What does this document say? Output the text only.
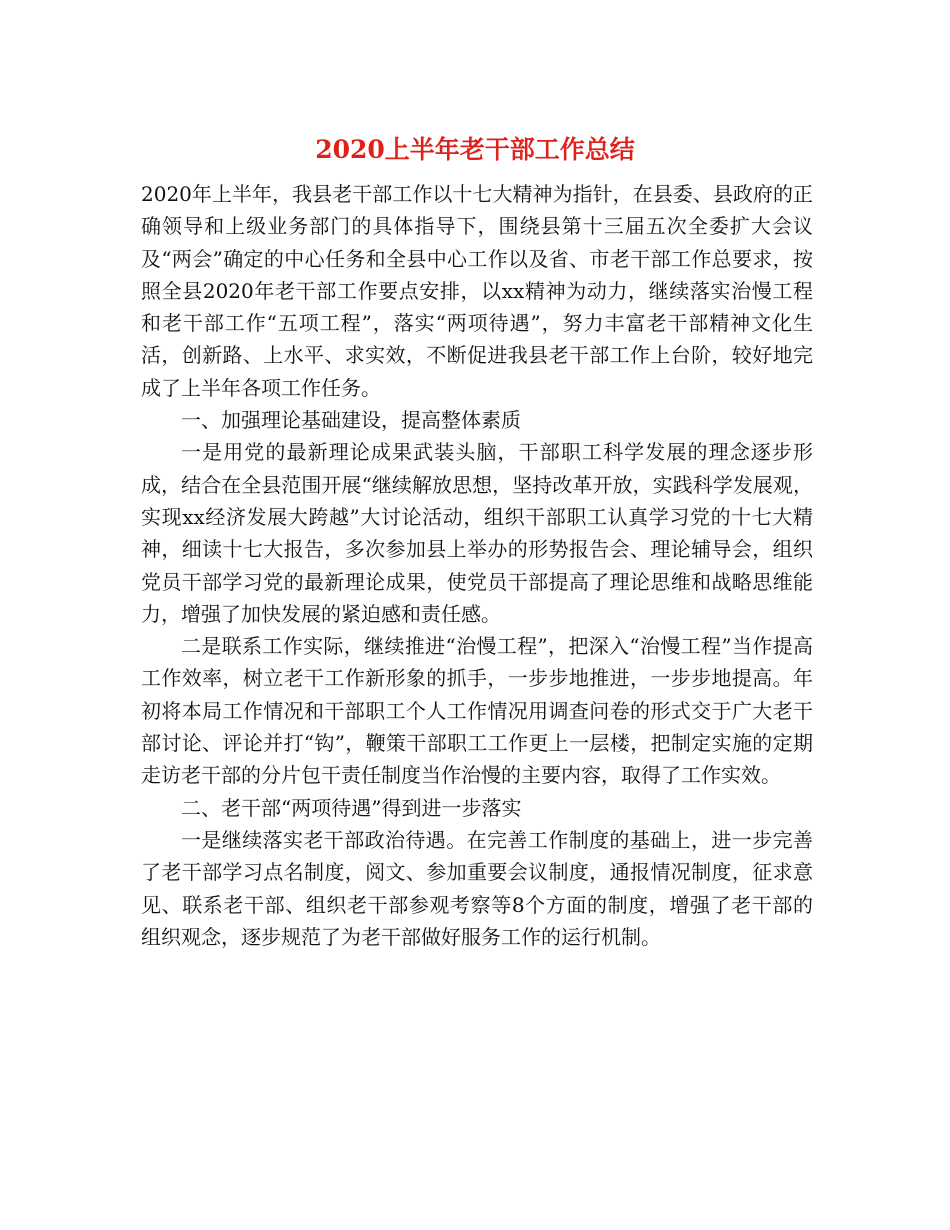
2020上半年老干部工作总结

2020年上半年，我县老干部工作以十七大精神为指针，在县委、县政府的正确领导和上级业务部门的具体指导下，围绕县第十三届五次全委扩大会议及“两会”确定的中心任务和全县中心工作以及省、市老干部工作总要求，按照全县2020年老干部工作要点安排，以xx精神为动力，继续落实治慢工程和老干部工作“五项工程”，落实“两项待遇”，努力丰富老干部精神文化生活，创新路、上水平、求实效，不断促进我县老干部工作上台阶，较好地完成了上半年各项工作任务。

一、加强理论基础建设，提高整体素质

一是用党的最新理论成果武装头脑，干部职工科学发展的理念逐步形成，结合在全县范围开展“继续解放思想，坚持改革开放，实践科学发展观，实现xx经济发展大跨越”大讨论活动，组织干部职工认真学习党的十七大精神，细读十七大报告，多次参加县上举办的形势报告会、理论辅导会，组织党员干部学习党的最新理论成果，使党员干部提高了理论思维和战略思维能力，增强了加快发展的紧迫感和责任感。

二是联系工作实际，继续推进“治慢工程”，把深入“治慢工程”当作提高工作效率，树立老干工作新形象的抓手，一步步地推进，一步步地提高。年初将本局工作情况和干部职工个人工作情况用调查问卷的形式交于广大老干部讨论、评论并打“钩”，鞭策干部职工工作更上一层楼，把制定实施的定期走访老干部的分片包干责任制度当作治慢的主要内容，取得了工作实效。

二、老干部“两项待遇”得到进一步落实

一是继续落实老干部政治待遇。在完善工作制度的基础上，进一步完善了老干部学习点名制度，阅文、参加重要会议制度，通报情况制度，征求意见、联系老干部、组织老干部参观考察等8个方面的制度，增强了老干部的组织观念，逐步规范了为老干部做好服务工作的运行机制。
